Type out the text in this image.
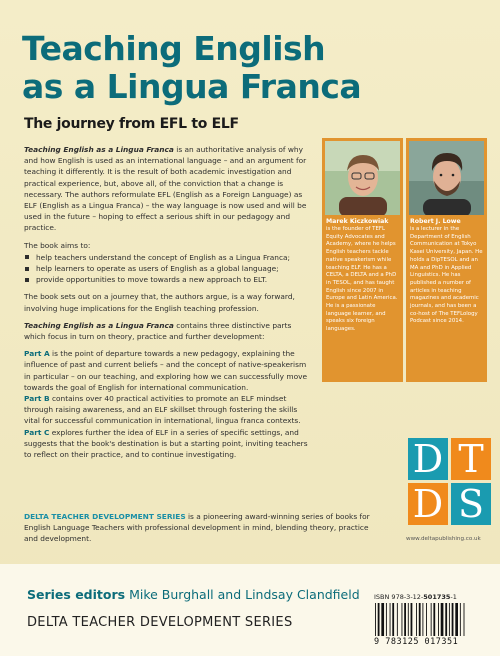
Teaching English
as a Lingua Franca
The journey from EFL to ELF

Teaching English as a Lingua Franca is an authoritative analysis of why and how English is used as an international language – and an argument for teaching it differently. It is the result of both academic investigation and practical experience, but, above all, of the conviction that a change is necessary. The authors reformulate EFL (English as a Foreign Language) as ELF (English as a Lingua Franca) – the way language is now used and will be used in the future – hoping to effect a serious shift in our pedagogy and practice.

The book aims to:

help teachers understand the concept of English as a Lingua Franca;
help learners to operate as users of English as a global language;
provide opportunities to move towards a new approach to ELT.

The book sets out on a journey that, the authors argue, is a way forward, involving huge implications for the English teaching profession.

Teaching English as a Lingua Franca contains three distinctive parts which focus in turn on theory, practice and further development:

Part A is the point of departure towards a new pedagogy, explaining the influence of past and current beliefs – and the concept of native-speakerism in particular – on our teaching, and exploring how we can successfully move towards the goal of English for international communication.

Part B contains over 40 practical activities to promote an ELF mindset through raising awareness, and an ELF skillset through fostering the skills vital for successful communication in international, lingua franca contexts.

Part C explores further the idea of ELF in a series of specific settings, and suggests that the book's destination is but a starting point, inviting teachers to reflect on their practice, and to continue investigating.

Marek Kiczkowiak
is the founder of TEFL Equity Advocates and Academy, where he helps English teachers tackle native speakerism while teaching ELF. He has a CELTA, a DELTA and a PhD in TESOL, and has taught English since 2007 in Europe and Latin America. He is a passionate language learner, and speaks six foreign languages.
Robert J. Lowe
is a lecturer in the Department of English Communication at Tokyo Kasei University, Japan. He holds a DipTESOL and an MA and PhD in Applied Linguistics. He has published a number of articles in teaching magazines and academic journals, and has been a co-host of The TEFLology Podcast since 2014.
D T
D S
DELTA TEACHER DEVELOPMENT SERIES is a pioneering award-winning series of books for English Language Teachers with professional development in mind, blending theory, practice and development.	www.deltapublishing.co.uk
Series editors Mike Burghall and Lindsay Clandfield
DELTA TEACHER DEVELOPMENT SERIES
ISBN 978-3-12-501735-1
9 783125 017351
